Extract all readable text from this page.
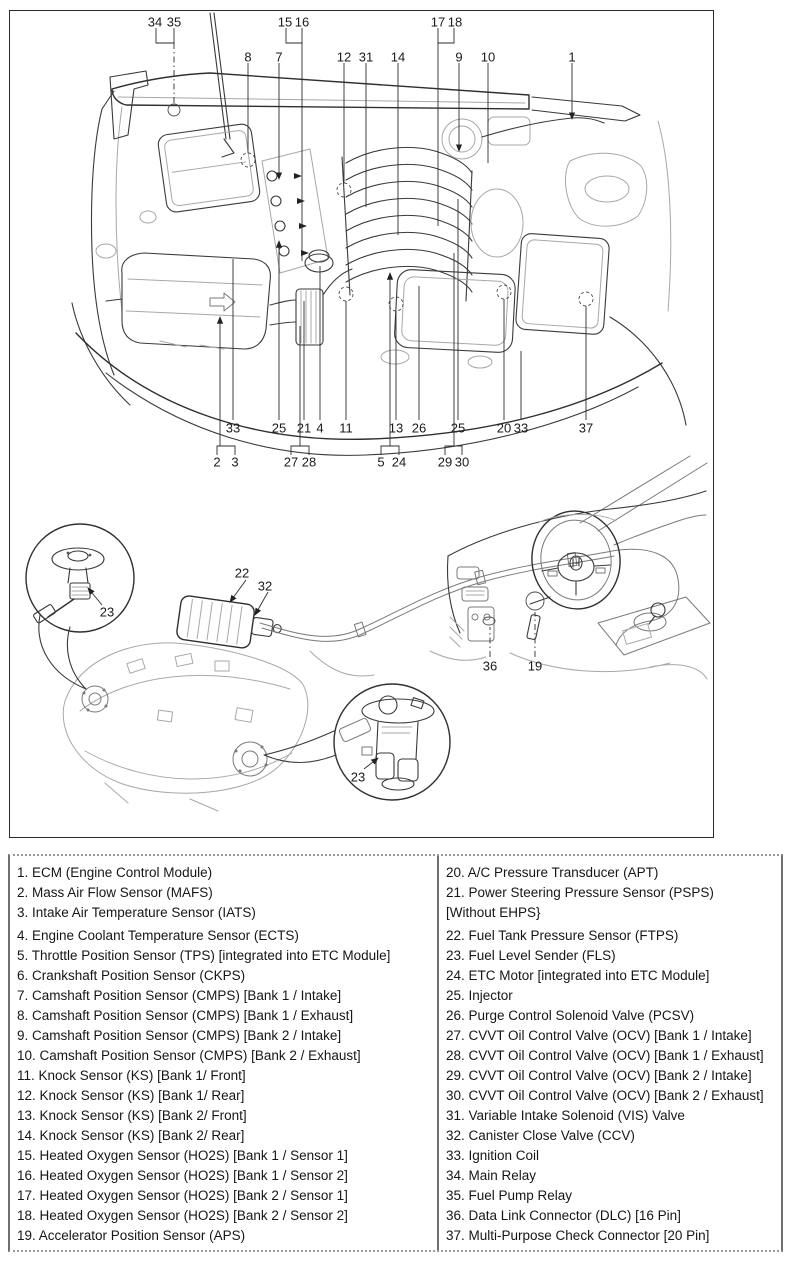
34 35	15 16	17 18
8 7	12 31 14	9 10	1
33 25 21 4 11	13 26 25 20 33	37
2 3	27 28	5 24 29 30
22
32
23
23
36 19
1. ECM (Engine Control Module)
2. Mass Air Flow Sensor (MAFS)
3. Intake Air Temperature Sensor (IATS)
4. Engine Coolant Temperature Sensor (ECTS)
5. Throttle Position Sensor (TPS) [integrated into ETC Module]
6. Crankshaft Position Sensor (CKPS)
7. Camshaft Position Sensor (CMPS) [Bank 1 / Intake]
8. Camshaft Position Sensor (CMPS) [Bank 1 / Exhaust]
9. Camshaft Position Sensor (CMPS) [Bank 2 / Intake]
10. Camshaft Position Sensor (CMPS) [Bank 2 / Exhaust]
11. Knock Sensor (KS) [Bank 1/ Front]
12. Knock Sensor (KS) [Bank 1/ Rear]
13. Knock Sensor (KS) [Bank 2/ Front]
14. Knock Sensor (KS) [Bank 2/ Rear]
15. Heated Oxygen Sensor (HO2S) [Bank 1 / Sensor 1]
16. Heated Oxygen Sensor (HO2S) [Bank 1 / Sensor 2]
17. Heated Oxygen Sensor (HO2S) [Bank 2 / Sensor 1]
18. Heated Oxygen Sensor (HO2S) [Bank 2 / Sensor 2]
19. Accelerator Position Sensor (APS)
20. A/C Pressure Transducer (APT)
21. Power Steering Pressure Sensor (PSPS)
[Without EHPS}
22. Fuel Tank Pressure Sensor (FTPS)
23. Fuel Level Sender (FLS)
24. ETC Motor [integrated into ETC Module]
25. Injector
26. Purge Control Solenoid Valve (PCSV)
27. CVVT Oil Control Valve (OCV) [Bank 1 / Intake]
28. CVVT Oil Control Valve (OCV) [Bank 1 / Exhaust]
29. CVVT Oil Control Valve (OCV) [Bank 2 / Intake]
30. CVVT Oil Control Valve (OCV) [Bank 2 / Exhaust]
31. Variable Intake Solenoid (VIS) Valve
32. Canister Close Valve (CCV)
33. Ignition Coil
34. Main Relay
35. Fuel Pump Relay
36. Data Link Connector (DLC) [16 Pin]
37. Multi-Purpose Check Connector [20 Pin]
